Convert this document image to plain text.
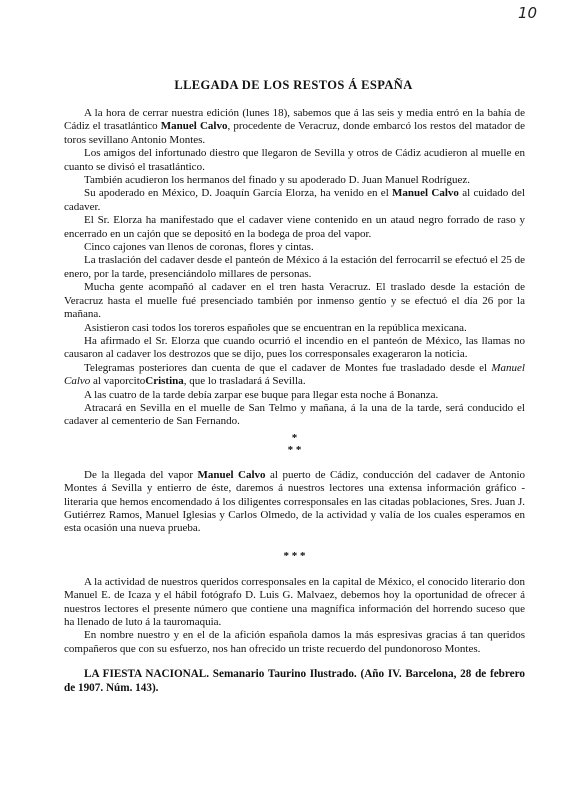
10
LLEGADA DE LOS RESTOS Á ESPAÑA

A la hora de cerrar nuestra edición (lunes 18), sabemos que á las seis y media entró en la bahía de Cádiz el trasatlántico Manuel Calvo, procedente de Veracruz, donde embarcó los restos del matador de toros sevillano Antonio Montes.

Los amigos del infortunado diestro que llegaron de Sevilla y otros de Cádiz acudieron al muelle en cuanto se divisó el trasatlántico.

También acudieron los hermanos del finado y su apoderado D. Juan Manuel Rodríguez.

Su apoderado en México, D. Joaquín García Elorza, ha venido en el Manuel Calvo al cuidado del cadaver.

El Sr. Elorza ha manifestado que el cadaver viene contenido en un ataud negro forrado de raso y encerrado en un cajón que se depositó en la bodega de proa del vapor.

Cinco cajones van llenos de coronas, flores y cintas.

La traslación del cadaver desde el panteón de México á la estación del ferrocarril se efectuó el 25 de enero, por la tarde, presenciándolo millares de personas.

Mucha gente acompañó al cadaver en el tren hasta Veracruz. El traslado desde la estación de Veracruz hasta el muelle fué presenciado también por inmenso gentío y se efectuó el día 26 por la mañana.

Asistieron casi todos los toreros españoles que se encuentran en la república mexicana.

Ha afirmado el Sr. Elorza que cuando ocurrió el incendio en el panteón de México, las llamas no causaron al cadaver los destrozos que se dijo, pues los corresponsales exageraron la noticia.

Telegramas posteriores dan cuenta de que el cadaver de Montes fue trasladado desde el Manuel Calvo al vaporcitoCristina, que lo trasladará á Sevilla.

A las cuatro de la tarde debía zarpar ese buque para llegar esta noche á Bonanza.

Atracará en Sevilla en el muelle de San Telmo y mañana, á la una de la tarde, será conducido el cadaver al cementerio de San Fernando.

*

* *

De la llegada del vapor Manuel Calvo al puerto de Cádiz, conducción del cadaver de Antonio Montes á Sevilla y entierro de éste, daremos á nuestros lectores una extensa información gráfico - literaria que hemos encomendado á los diligentes corresponsales en las citadas poblaciones, Sres. Juan J. Gutiérrez Ramos, Manuel Iglesias y Carlos Olmedo, de la actividad y valía de los cuales esperamos en esta ocasión una nueva prueba.

* * *

A la actividad de nuestros queridos corresponsales en la capital de México, el conocido literario don Manuel E. de Icaza y el hábil fotógrafo D. Luis G. Malvaez, debemos hoy la oportunidad de ofrecer á nuestros lectores el presente número que contiene una magnífica información del horrendo suceso que ha llenado de luto á la tauromaquia.

En nombre nuestro y en el de la afición española damos la más espresivas gracias á tan queridos compañeros que con su esfuerzo, nos han ofrecido un triste recuerdo del pundonoroso Montes.

LA FIESTA NACIONAL. Semanario Taurino Ilustrado. (Año IV. Barcelona, 28 de febrero de 1907. Núm. 143).
